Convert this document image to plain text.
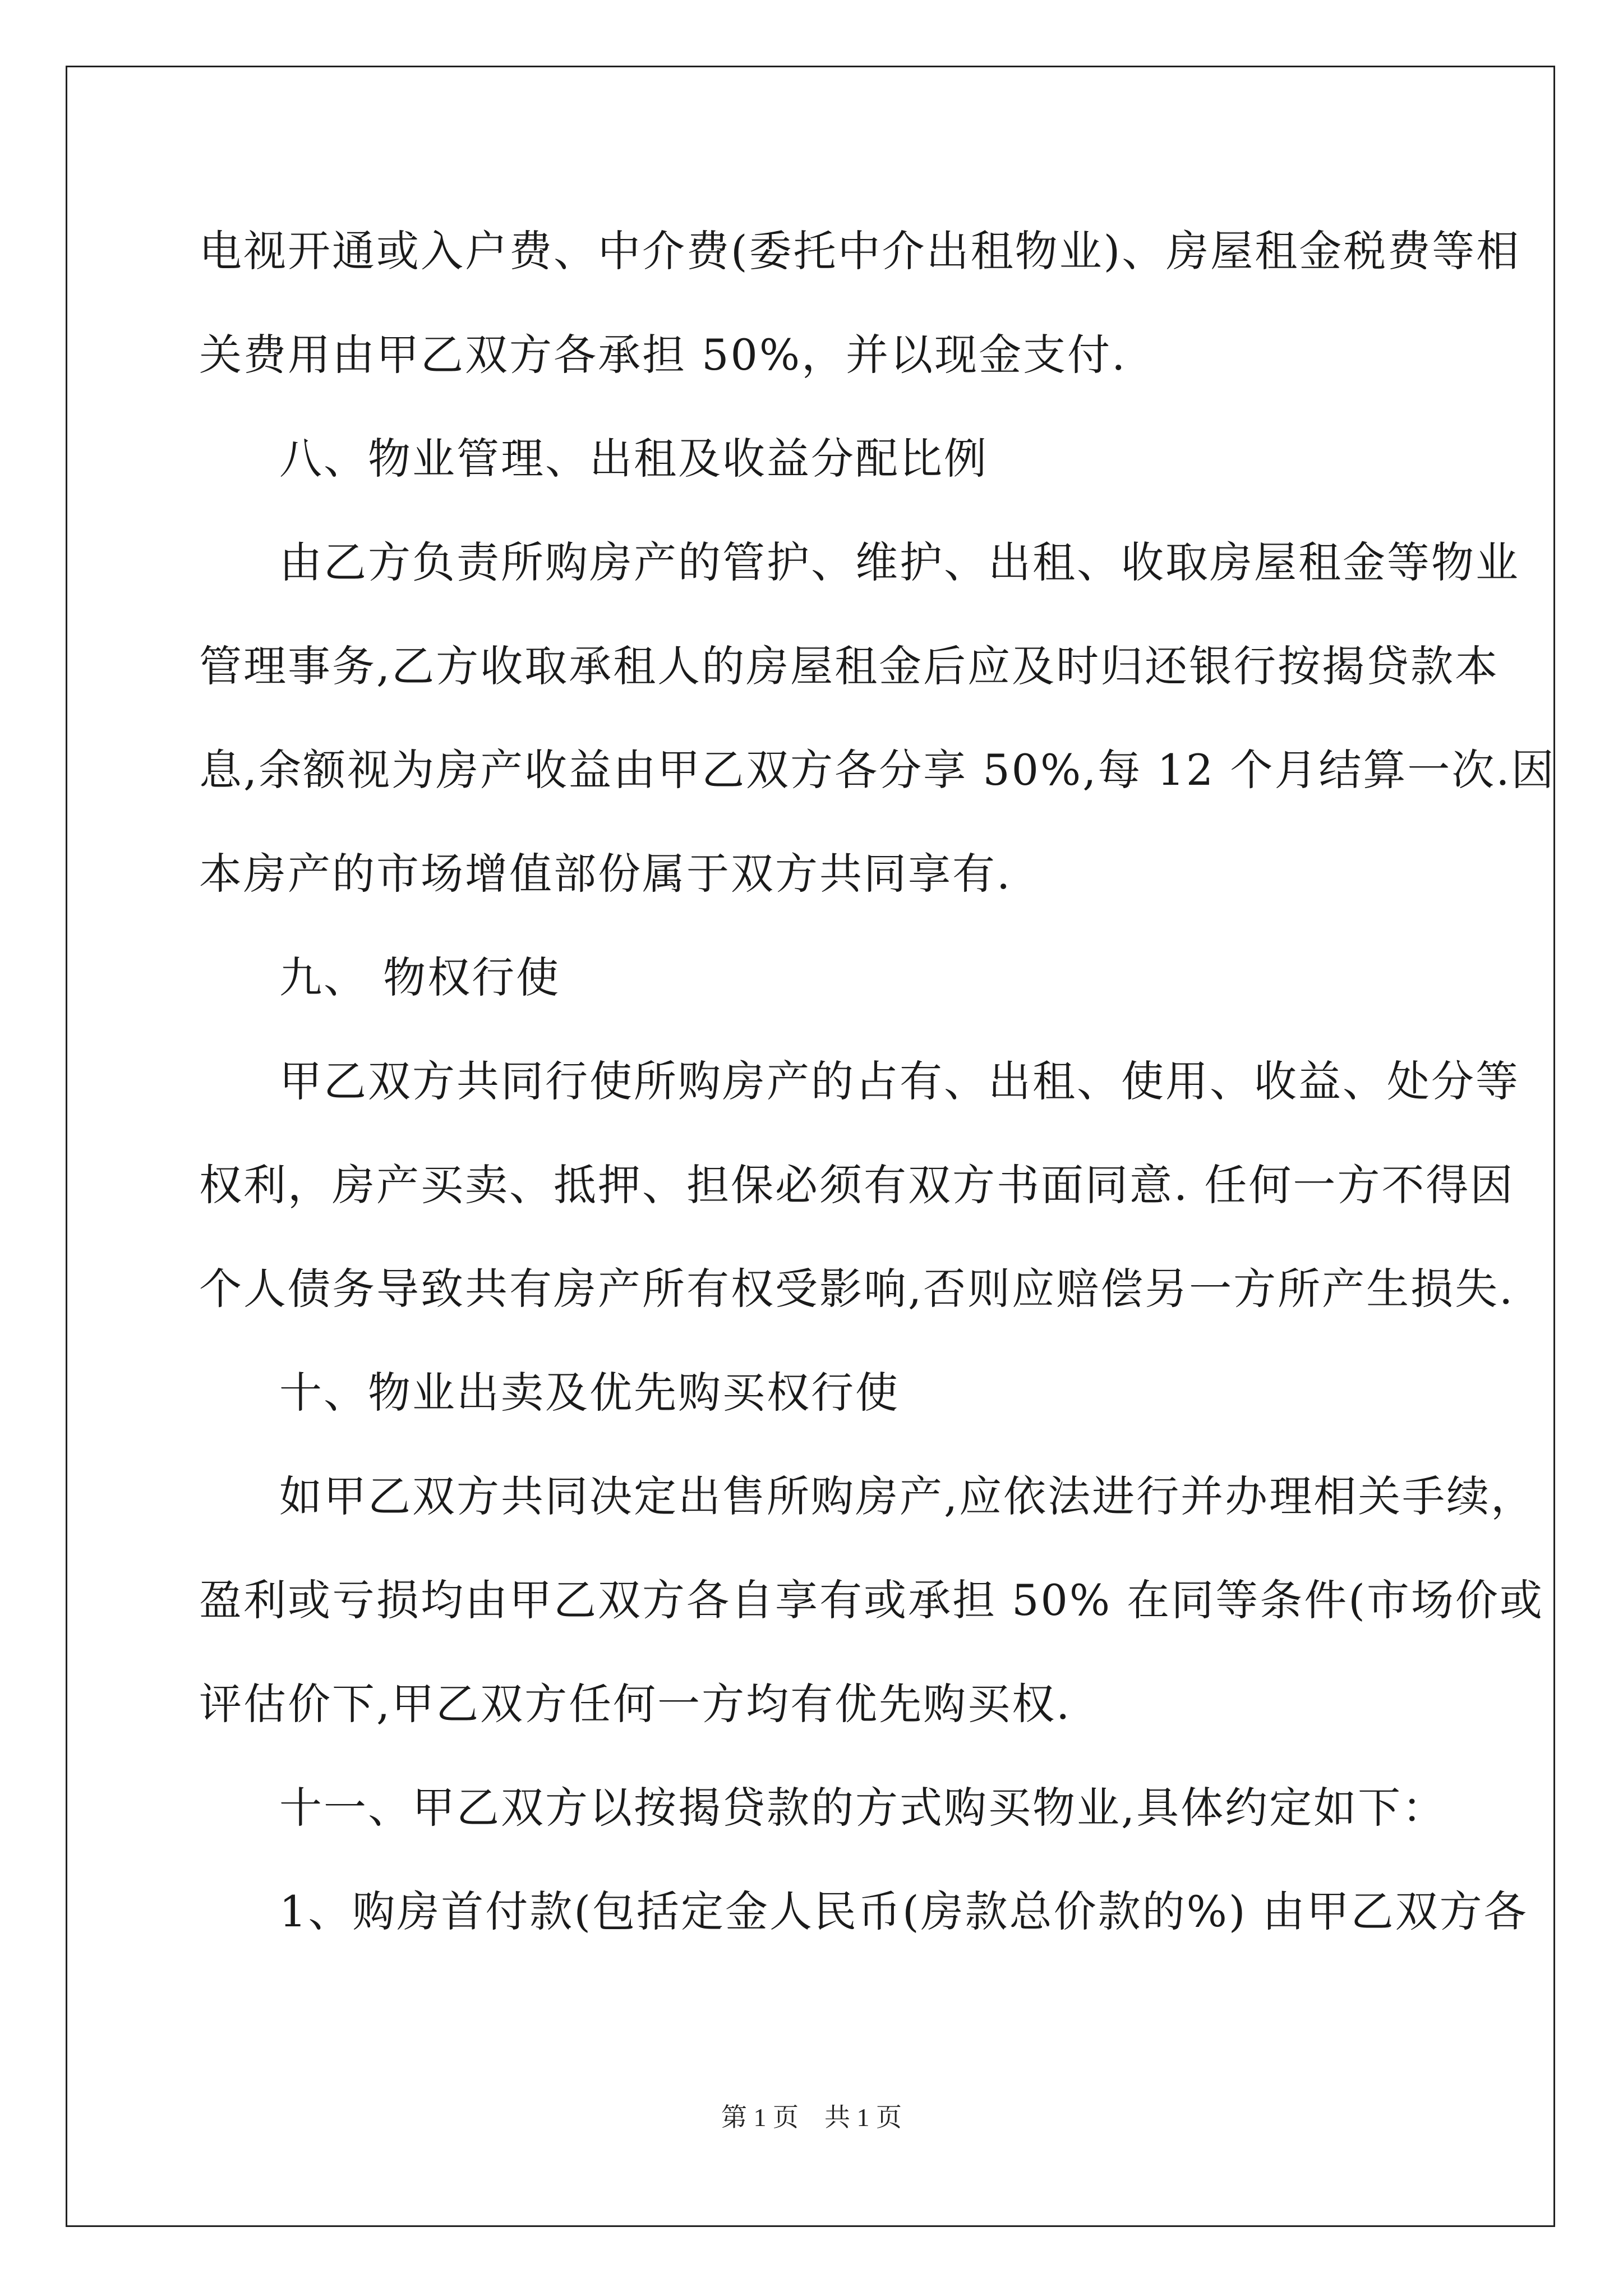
电视开通或入户费、中介费(委托中介出租物业)、房屋租金税费等相
关费用由甲乙双方各承担 50%，并以现金支付.
八、物业管理、出租及收益分配比例
由乙方负责所购房产的管护、维护、出租、收取房屋租金等物业
管理事务,乙方收取承租人的房屋租金后应及时归还银行按揭贷款本
息,余额视为房产收益由甲乙双方各分享 50%,每 12 个月结算一次.因
本房产的市场增值部份属于双方共同享有.
九、 物权行使
甲乙双方共同行使所购房产的占有、出租、使用、收益、处分等
权利，房产买卖、抵押、担保必须有双方书面同意. 任何一方不得因
个人债务导致共有房产所有权受影响,否则应赔偿另一方所产生损失.
十、物业出卖及优先购买权行使
如甲乙双方共同决定出售所购房产,应依法进行并办理相关手续，
盈利或亏损均由甲乙双方各自享有或承担 50% 在同等条件(市场价或
评估价下,甲乙双方任何一方均有优先购买权.
十一、甲乙双方以按揭贷款的方式购买物业,具体约定如下：
1、购房首付款(包括定金人民币(房款总价款的%) 由甲乙双方各
第 1 页　共 1 页
